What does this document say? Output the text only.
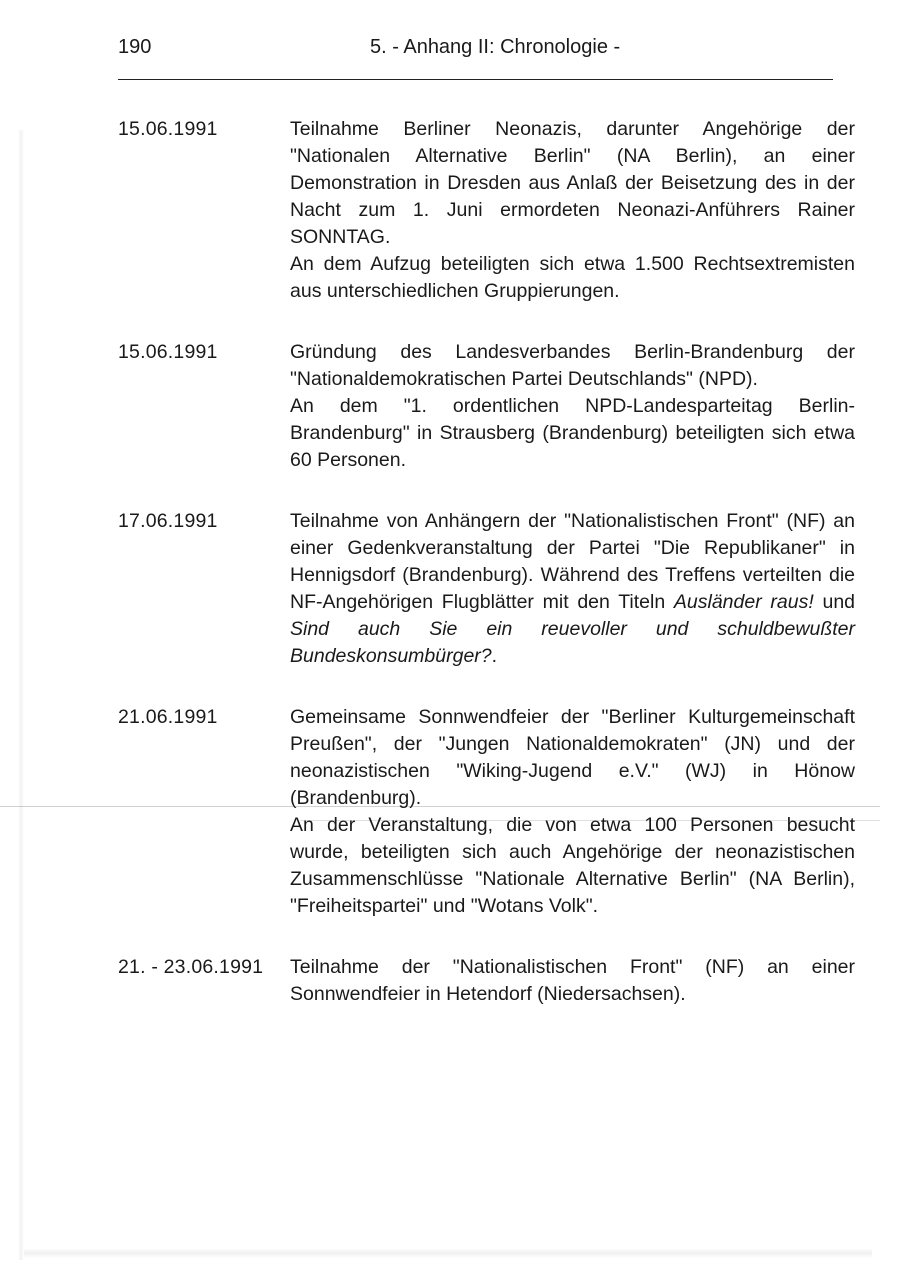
190	5. - Anhang II: Chronologie -
15.06.1991	Teilnahme Berliner Neonazis, darunter Angehörige der "Nationalen Alternative Berlin" (NA Berlin), an einer Demonstration in Dresden aus Anlaß der Beisetzung des in der Nacht zum 1. Juni ermordeten Neonazi-Anführers Rainer SONNTAG.
An dem Aufzug beteiligten sich etwa 1.500 Rechtsextremisten aus unterschiedlichen Gruppierungen.
15.06.1991	Gründung des Landesverbandes Berlin-Brandenburg der "Nationaldemokratischen Partei Deutschlands" (NPD).
An dem "1. ordentlichen NPD-Landesparteitag Berlin-Brandenburg" in Strausberg (Brandenburg) beteiligten sich etwa 60 Personen.
17.06.1991	Teilnahme von Anhängern der "Nationalistischen Front" (NF) an einer Gedenkveranstaltung der Partei "Die Republikaner" in Hennigsdorf (Brandenburg). Während des Treffens verteilten die NF-Angehörigen Flugblätter mit den Titeln Ausländer raus! und Sind auch Sie ein reuevoller und schuldbewußter Bundeskonsumbürger?.
21.06.1991	Gemeinsame Sonnwendfeier der "Berliner Kulturgemeinschaft Preußen", der "Jungen Nationaldemokraten" (JN) und der neonazistischen "Wiking-Jugend e.V." (WJ) in Hönow (Brandenburg).
An der Veranstaltung, die von etwa 100 Personen besucht wurde, beteiligten sich auch Angehörige der neonazistischen Zusammenschlüsse "Nationale Alternative Berlin" (NA Berlin), "Freiheitspartei" und "Wotans Volk".
21. - 23.06.1991	Teilnahme der "Nationalistischen Front" (NF) an einer Sonnwendfeier in Hetendorf (Niedersachsen).
